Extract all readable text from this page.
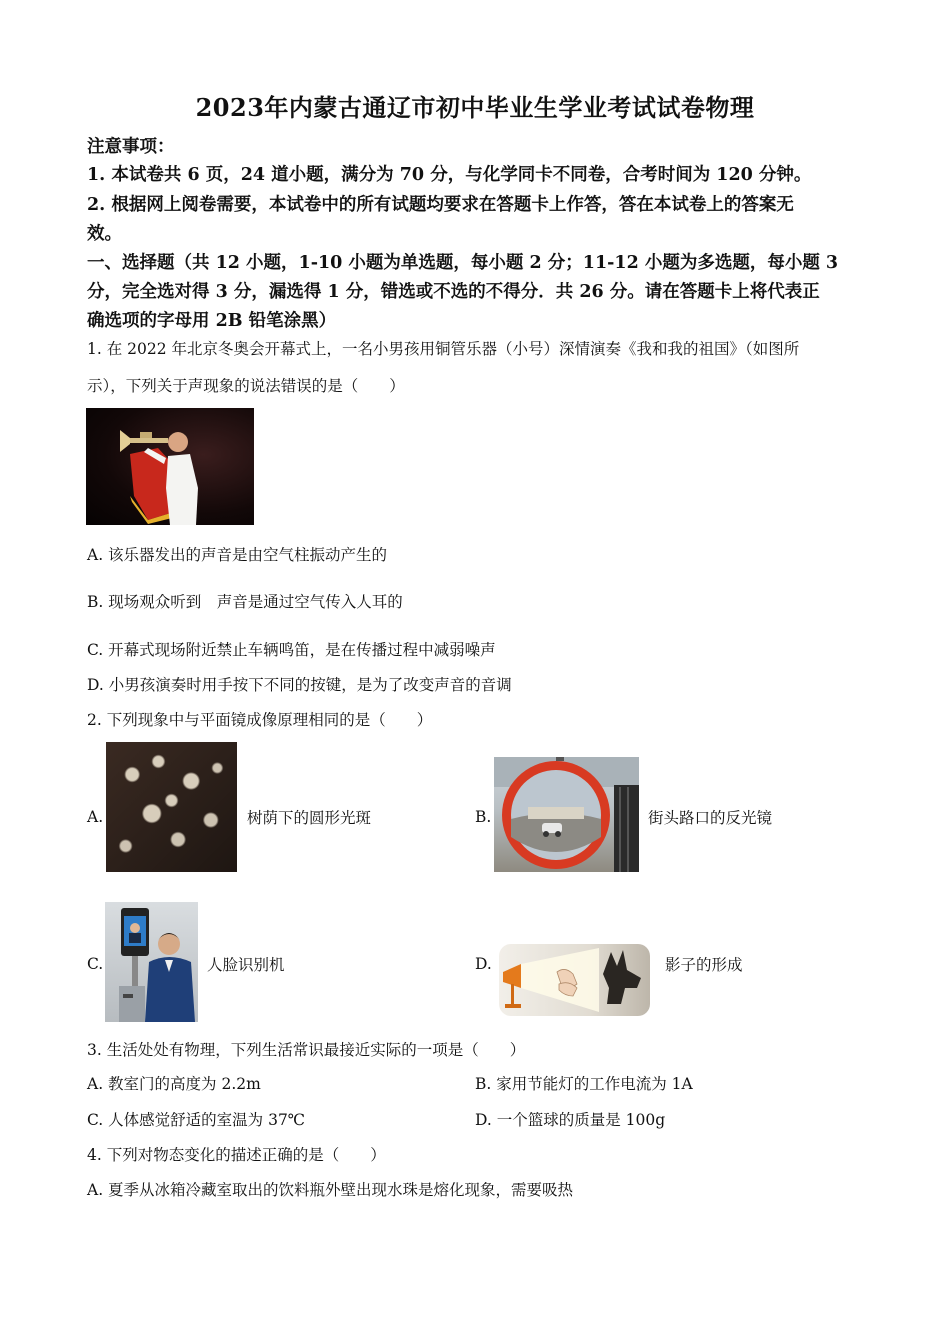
2023年内蒙古通辽市初中毕业生学业考试试卷物理
注意事项：
1. 本试卷共 6 页，24 道小题，满分为 70 分，与化学同卡不同卷，合考时间为 120 分钟。
2. 根据网上阅卷需要，本试卷中的所有试题均要求在答题卡上作答，答在本试卷上的答案无
效。
一、选择题（共 12 小题，1-10 小题为单选题，每小题 2 分；11-12 小题为多选题，每小题 3
分，完全选对得 3 分，漏选得 1 分，错选或不选的不得分．共 26 分。请在答题卡上将代表正
确选项的字母用 2B 铅笔涂黑）
1. 在 2022 年北京冬奥会开幕式上，一名小男孩用铜管乐器（小号）深情演奏《我和我的祖国》（如图所
示），下列关于声现象的说法错误的是（　　）
A. 该乐器发出的声音是由空气柱振动产生的
B. 现场观众听到　声音是通过空气传入人耳的
C. 开幕式现场附近禁止车辆鸣笛，是在传播过程中减弱噪声
D. 小男孩演奏时用手按下不同的按键，是为了改变声音的音调
2. 下列现象中与平面镜成像原理相同的是（　　）
A.	树荫下的圆形光斑	B.	街头路口的反光镜
C.	人脸识别机	D.	影子的形成
3. 生活处处有物理，下列生活常识最接近实际的一项是（　　）
A. 教室门的高度为 2.2m	B. 家用节能灯的工作电流为 1A
C. 人体感觉舒适的室温为 37℃	D. 一个篮球的质量是 100g
4. 下列对物态变化的描述正确的是（　　）
A. 夏季从冰箱冷藏室取出的饮料瓶外壁出现水珠是熔化现象，需要吸热
